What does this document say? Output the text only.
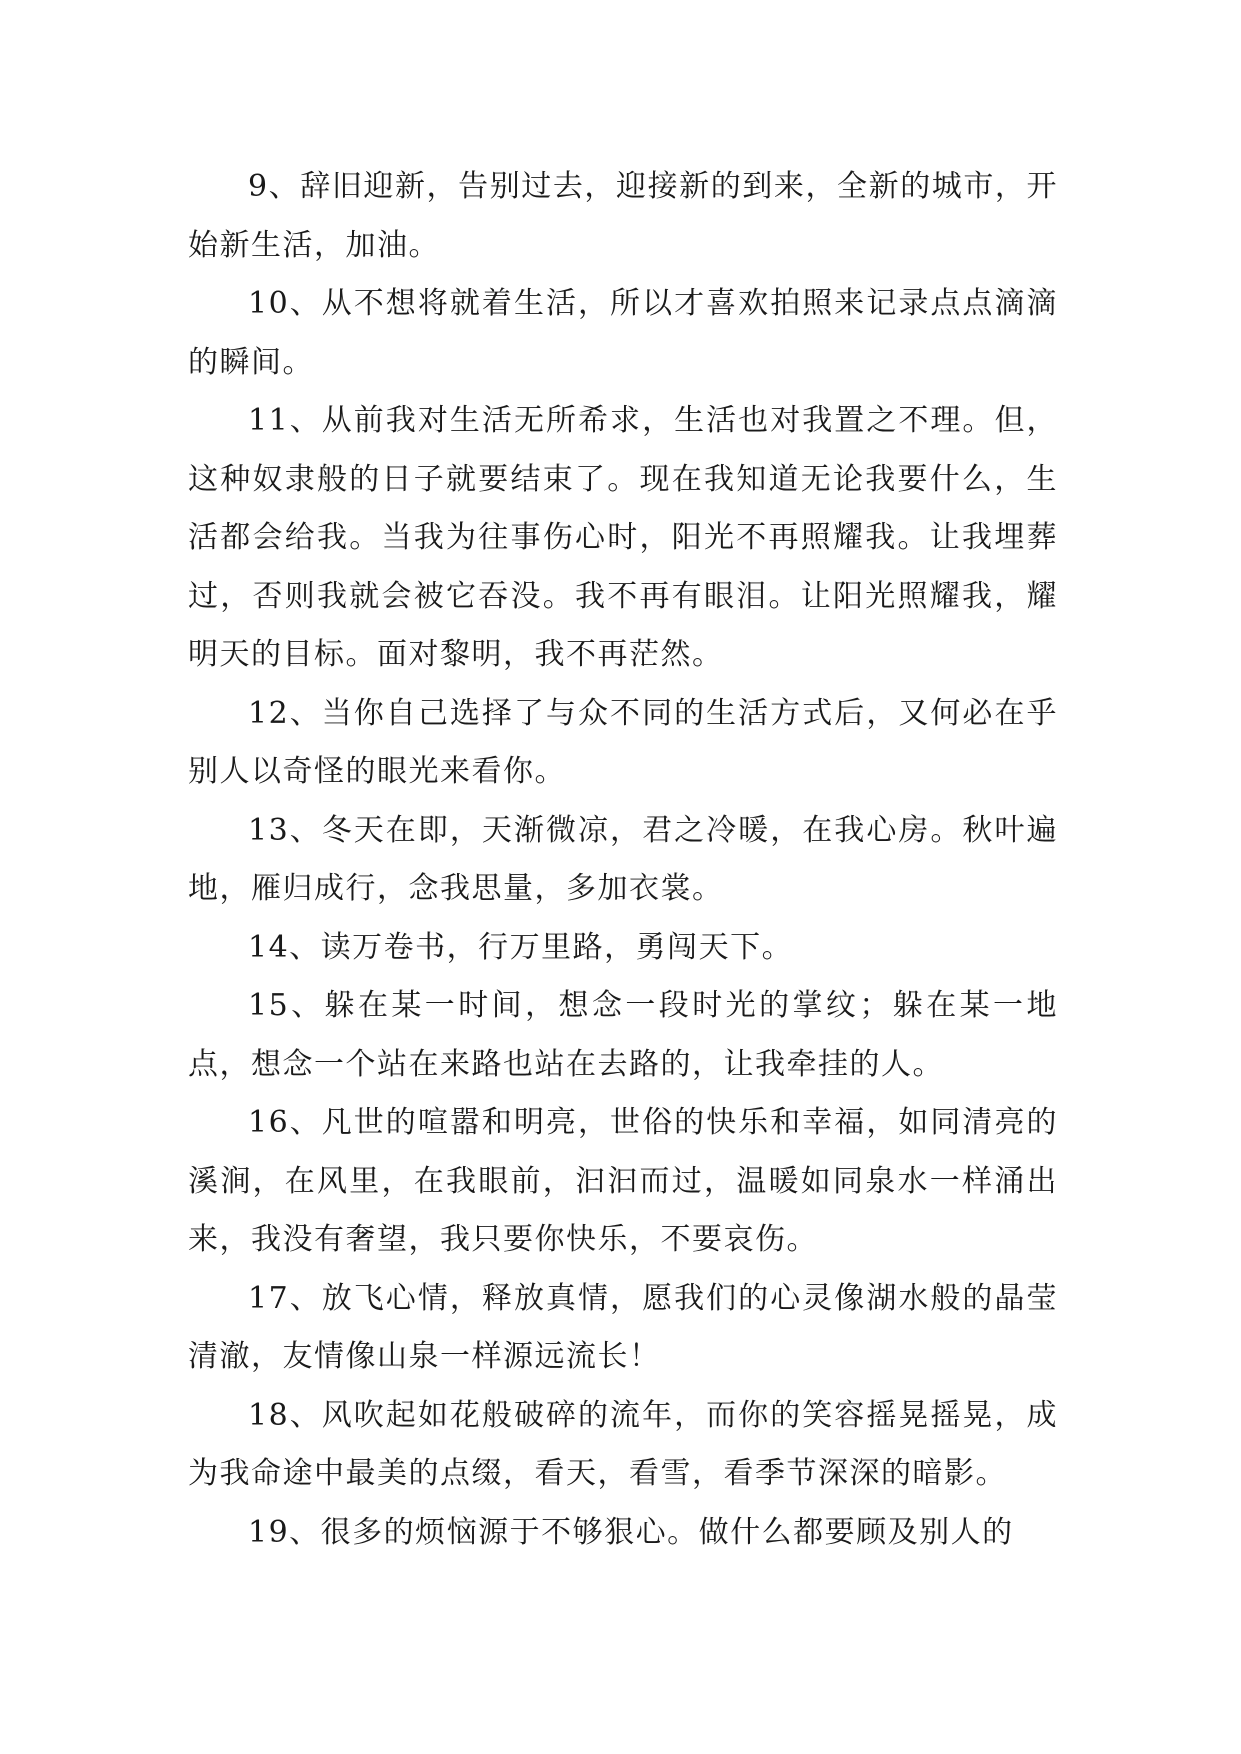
9、辞旧迎新，告别过去，迎接新的到来，全新的城市，开始新生活，加油。

10、从不想将就着生活，所以才喜欢拍照来记录点点滴滴的瞬间。

11、从前我对生活无所希求，生活也对我置之不理。但，这种奴隶般的日子就要结束了。现在我知道无论我要什么，生活都会给我。当我为往事伤心时，阳光不再照耀我。让我埋葬过，否则我就会被它吞没。我不再有眼泪。让阳光照耀我，耀明天的目标。面对黎明，我不再茫然。

12、当你自己选择了与众不同的生活方式后，又何必在乎别人以奇怪的眼光来看你。

13、冬天在即，天渐微凉，君之冷暖，在我心房。秋叶遍地，雁归成行，念我思量，多加衣裳。

14、读万卷书，行万里路，勇闯天下。

15、躲在某一时间，想念一段时光的掌纹；躲在某一地点，想念一个站在来路也站在去路的，让我牵挂的人。

16、凡世的喧嚣和明亮，世俗的快乐和幸福，如同清亮的溪涧，在风里，在我眼前，汩汩而过，温暖如同泉水一样涌出来，我没有奢望，我只要你快乐，不要哀伤。

17、放飞心情，释放真情，愿我们的心灵像湖水般的晶莹清澈，友情像山泉一样源远流长！

18、风吹起如花般破碎的流年，而你的笑容摇晃摇晃，成为我命途中最美的点缀，看天，看雪，看季节深深的暗影。

19、很多的烦恼源于不够狠心。做什么都要顾及别人的
